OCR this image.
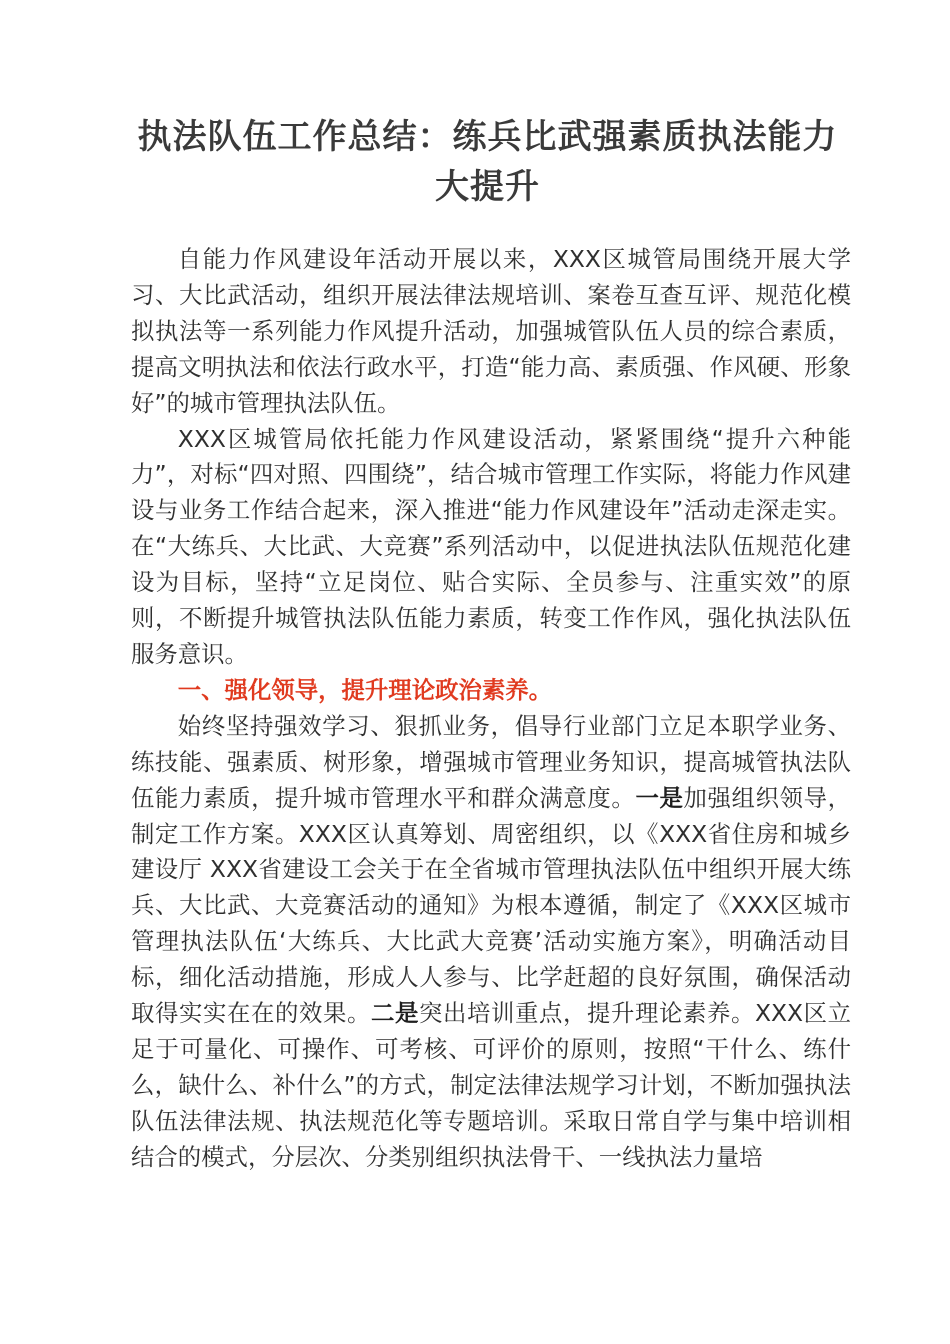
执法队伍工作总结：练兵比武强素质执法能力大提升

自能力作风建设年活动开展以来，XXX区城管局围绕开展大学习、大比武活动，组织开展法律法规培训、案卷互查互评、规范化模拟执法等一系列能力作风提升活动，加强城管队伍人员的综合素质，提高文明执法和依法行政水平，打造“能力高、素质强、作风硬、形象好”的城市管理执法队伍。

XXX区城管局依托能力作风建设活动，紧紧围绕“提升六种能力”，对标“四对照、四围绕”，结合城市管理工作实际，将能力作风建设与业务工作结合起来，深入推进“能力作风建设年”活动走深走实。在“大练兵、大比武、大竞赛”系列活动中，以促进执法队伍规范化建设为目标，坚持“立足岗位、贴合实际、全员参与、注重实效”的原则，不断提升城管执法队伍能力素质，转变工作作风，强化执法队伍服务意识。

一、强化领导，提升理论政治素养。

始终坚持强效学习、狠抓业务，倡导行业部门立足本职学业务、练技能、强素质、树形象，增强城市管理业务知识，提高城管执法队伍能力素质，提升城市管理水平和群众满意度。一是加强组织领导，制定工作方案。XXX区认真筹划、周密组织，以《XXX省住房和城乡建设厅 XXX省建设工会关于在全省城市管理执法队伍中组织开展大练兵、大比武、大竞赛活动的通知》为根本遵循，制定了《XXX区城市管理执法队伍‘大练兵、大比武大竞赛’活动实施方案》，明确活动目标，细化活动措施，形成人人参与、比学赶超的良好氛围，确保活动取得实实在在的效果。二是突出培训重点，提升理论素养。XXX区立足于可量化、可操作、可考核、可评价的原则，按照“干什么、练什么，缺什么、补什么”的方式，制定法律法规学习计划，不断加强执法队伍法律法规、执法规范化等专题培训。采取日常自学与集中培训相结合的模式，分层次、分类别组织执法骨干、一线执法力量培
